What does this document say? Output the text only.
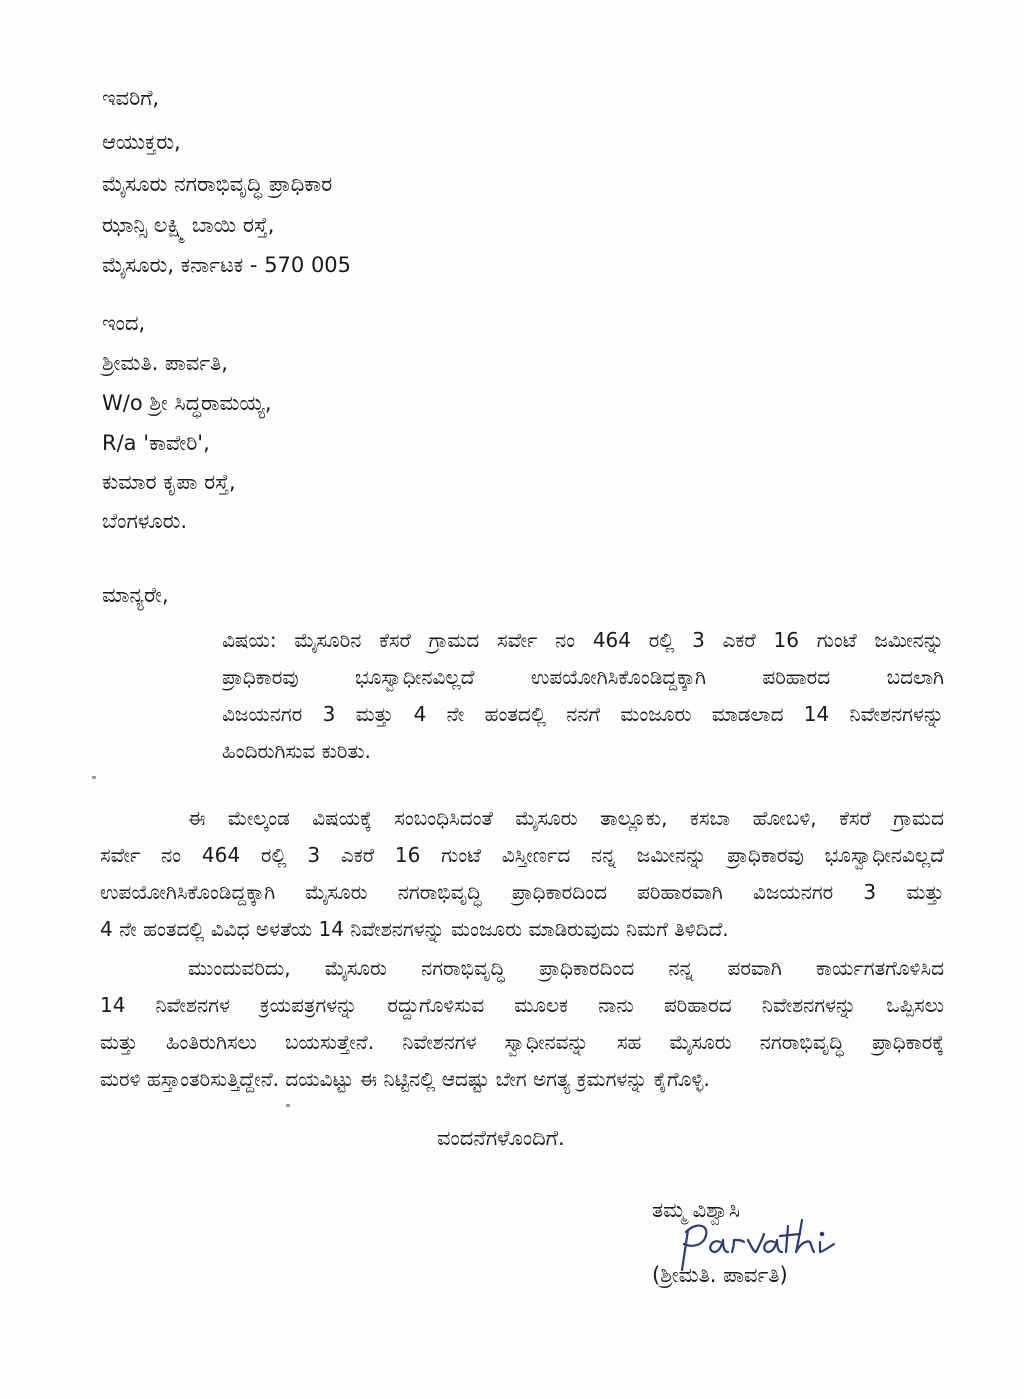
ಇವರಿಗೆ,
ಆಯುಕ್ತರು,
ಮೈಸೂರು ನಗರಾಭಿವೃದ್ಧಿ ಪ್ರಾಧಿಕಾರ
ಝಾನ್ಸಿ ಲಕ್ಷ್ಮಿ ಬಾಯಿ ರಸ್ತೆ,
ಮೈಸೂರು, ಕರ್ನಾಟಕ - 570 005
ಇಂದ,
ಶ್ರೀಮತಿ. ಪಾರ್ವತಿ,
W/o ಶ್ರೀ ಸಿದ್ಧರಾಮಯ್ಯ,
R/a 'ಕಾವೇರಿ',
ಕುಮಾರ ಕೃಪಾ ರಸ್ತೆ,
ಬೆಂಗಳೂರು.
ಮಾನ್ಯರೇ,
ವಿಷಯ: ಮೈಸೂರಿನ ಕೆಸರೆ ಗ್ರಾಮದ ಸರ್ವೇ ನಂ 464 ರಲ್ಲಿ 3 ಎಕರೆ 16 ಗುಂಟೆ ಜಮೀನನ್ನು
ಪ್ರಾಧಿಕಾರವು ಭೂಸ್ವಾಧೀನವಿಲ್ಲದೆ ಉಪಯೋಗಿಸಿಕೊಂಡಿದ್ದಕ್ಕಾಗಿ ಪರಿಹಾರದ ಬದಲಾಗಿ
ವಿಜಯನಗರ 3 ಮತ್ತು 4 ನೇ ಹಂತದಲ್ಲಿ ನನಗೆ ಮಂಜೂರು ಮಾಡಲಾದ 14 ನಿವೇಶನಗಳನ್ನು
ಹಿಂದಿರುಗಿಸುವ ಕುರಿತು.
ಈ ಮೇಲ್ಕಂಡ ವಿಷಯಕ್ಕೆ ಸಂಬಂಧಿಸಿದಂತೆ ಮೈಸೂರು ತಾಲ್ಲೂಕು, ಕಸಬಾ ಹೋಬಳಿ, ಕೆಸರೆ ಗ್ರಾಮದ
ಸರ್ವೇ ನಂ 464 ರಲ್ಲಿ 3 ಎಕರೆ 16 ಗುಂಟೆ ವಿಸ್ತೀರ್ಣದ ನನ್ನ ಜಮೀನನ್ನು ಪ್ರಾಧಿಕಾರವು ಭೂಸ್ವಾಧೀನವಿಲ್ಲದೆ
ಉಪಯೋಗಿಸಿಕೊಂಡಿದ್ದಕ್ಕಾಗಿ ಮೈಸೂರು ನಗರಾಭಿವೃದ್ಧಿ ಪ್ರಾಧಿಕಾರದಿಂದ ಪರಿಹಾರವಾಗಿ ವಿಜಯನಗರ 3 ಮತ್ತು
4 ನೇ ಹಂತದಲ್ಲಿ ವಿವಿಧ ಅಳತೆಯ 14 ನಿವೇಶನಗಳನ್ನು ಮಂಜೂರು ಮಾಡಿರುವುದು ನಿಮಗೆ ತಿಳಿದಿದೆ.
ಮುಂದುವರಿದು, ಮೈಸೂರು ನಗರಾಭಿವೃದ್ಧಿ ಪ್ರಾಧಿಕಾರದಿಂದ ನನ್ನ ಪರವಾಗಿ ಕಾರ್ಯಗತಗೊಳಿಸಿದ
14 ನಿವೇಶನಗಳ ಕ್ರಯಪತ್ರಗಳನ್ನು ರದ್ದುಗೊಳಿಸುವ ಮೂಲಕ ನಾನು ಪರಿಹಾರದ ನಿವೇಶನಗಳನ್ನು ಒಪ್ಪಿಸಲು
ಮತ್ತು ಹಿಂತಿರುಗಿಸಲು ಬಯಸುತ್ತೇನೆ. ನಿವೇಶನಗಳ ಸ್ವಾಧೀನವನ್ನು ಸಹ ಮೈಸೂರು ನಗರಾಭಿವೃದ್ಧಿ ಪ್ರಾಧಿಕಾರಕ್ಕೆ
ಮರಳಿ ಹಸ್ತಾಂತರಿಸುತ್ತಿದ್ದೇನೆ. ದಯವಿಟ್ಟು ಈ ನಿಟ್ಟಿನಲ್ಲಿ ಆದಷ್ಟು ಬೇಗ ಅಗತ್ಯ ಕ್ರಮಗಳನ್ನು ಕೈಗೊಳ್ಳಿ.
ವಂದನೆಗಳೊಂದಿಗೆ.
ತಮ್ಮ ವಿಶ್ವಾಸಿ
(ಶ್ರೀಮತಿ. ಪಾರ್ವತಿ)
